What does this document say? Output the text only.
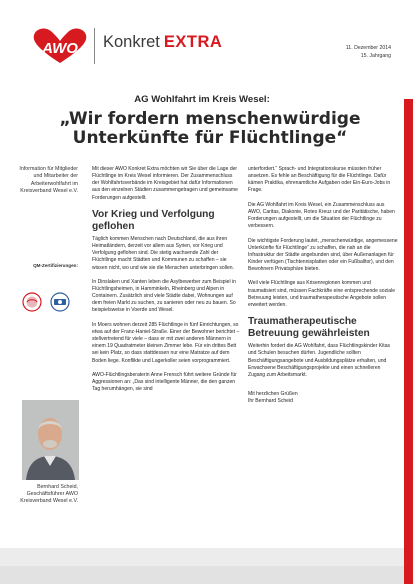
AWO Konkret EXTRA	11. Dezember 2014
15. Jahrgang
AG Wohlfahrt im Kreis Wesel:
„Wir fordern menschenwürdige
Unterkünfte für Flüchtlinge“
Information für Mitglieder und Mitarbeiter der Arbeiterwohlfahrt im Kreisverband Wesel e.V.
QM-Zertifizierungen:
Bernhard Scheid, Geschäftsführer AWO Kreisverband Wesel e.V.

Mit dieser AWO Konkret Extra möchten wir Sie über die Lage der Flüchtlinge im Kreis Wesel informieren. Der Zusammenschluss der Wohlfahrtsverbände im Kreisgebiet hat dafür Informationen aus den einzelnen Städten zusammengetragen und gemeinsame Forderungen aufgestellt.

Vor Krieg und Verfolgung geflohen

Täglich kommen Menschen nach Deutschland, die aus ihren Heimatländern, derzeit vor allem aus Syrien, vor Krieg und Verfolgung geflohen sind. Die stetig wachsende Zahl der Flüchtlinge macht Städten und Kommunen zu schaffen – sie wissen nicht, wo und wie sie die Menschen unterbringen sollen.

In Dinslaken und Xanten leben die Asylbewerber zum Beispiel in Flüchtlingsheimen, in Hamminkeln, Rheinberg und Alpen in Containern. Zusätzlich sind viele Städte dabei, Wohnungen auf dem freien Markt zu suchen, zu sanieren oder neu zu bauen. So beispielsweise in Voerde und Wesel.

In Moers wohnen derzeit 285 Flüchtlinge in fünf Einrichtungen, so etwa auf der Franz-Haniel-Straße. Einer der Bewohner berichtet – stellvertretend für viele – dass er mit zwei anderen Männern in einem 19 Quadratmeter kleinen Zimmer lebe. Für ein drittes Bett sei kein Platz, so dass stattdessen nur eine Matratze auf dem Boden liege. Konflikte und Lagerkoller seien vorprogrammiert.

AWO-Flüchtlingsberaterin Anne Frensch führt weitere Gründe für Aggressionen an: „Das sind intelligente Männer, die den ganzen Tag herumhängen, sie sind

unterfordert.“ Sprach- und Integrationskurse müssten früher ansetzen. Es fehle an Beschäftigung für die Flüchtlinge. Dafür kämen Praktika, ehrenamtliche Aufgaben oder Ein-Euro-Jobs in Frage.

Die AG Wohlfahrt im Kreis Wesel, ein Zusammenschluss aus AWO, Caritas, Diakonie, Rotes Kreuz und der Paritätische, haben Forderungen aufgestellt, um die Situation der Flüchtlinge zu verbessern.

Die wichtigste Forderung lautet, „menschenwürdige, angemessene Unterkünfte für Flüchtlinge“ zu schaffen, die nah an die Infrastruktur der Städte angebunden sind, über Außenanlagen für Kinder verfügen (Tischtennisplatten oder ein Fußballtor), und den Bewohnern Privatsphäre bieten.

Weil viele Flüchtlinge aus Krisenregionen kommen und traumatisiert sind, müssen Fachkräfte eine entsprechende soziale Betreuung leisten, und traumatherapeutische Angebote sollen erweitert werden.

Traumatherapeutische Betreuung gewährleisten

Weiterhin fordert die AG Wohlfahrt, dass Flüchtlingskinder Kitas und Schulen besuchen dürfen. Jugendliche sollten Beschäftigungsangebote und Ausbildungsplätze erhalten, und Erwachsene Beschäftigungsprojekte und einen schnelleren Zugang zum Arbeitsmarkt.

Mit herzlichen Grüßen
Ihr Bernhard Scheid
